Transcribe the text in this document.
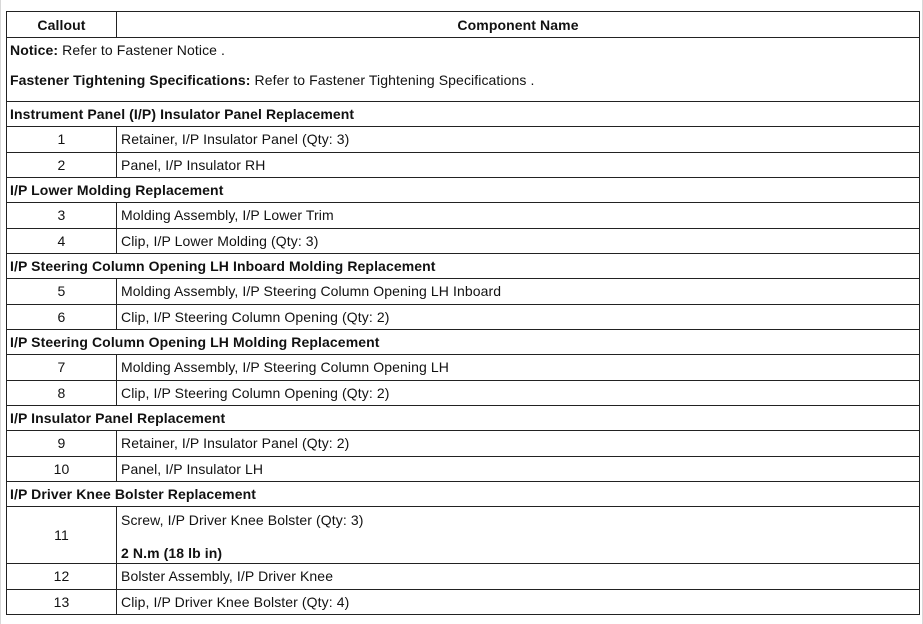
Callout	Component Name
Notice: Refer to Fastener Notice .	
Fastener Tightening Specifications: Refer to Fastener Tightening Specifications .	
Instrument Panel (I/P) Insulator Panel Replacement	
1	Retainer, I/P Insulator Panel (Qty: 3)
2	Panel, I/P Insulator RH
I/P Lower Molding Replacement	
3	Molding Assembly, I/P Lower Trim
4	Clip, I/P Lower Molding (Qty: 3)
I/P Steering Column Opening LH Inboard Molding Replacement	
5	Molding Assembly, I/P Steering Column Opening LH Inboard
6	Clip, I/P Steering Column Opening (Qty: 2)
I/P Steering Column Opening LH Molding Replacement	
7	Molding Assembly, I/P Steering Column Opening LH
8	Clip, I/P Steering Column Opening (Qty: 2)
I/P Insulator Panel Replacement	
9	Retainer, I/P Insulator Panel (Qty: 2)
10	Panel, I/P Insulator LH
I/P Driver Knee Bolster Replacement	
11	Screw, I/P Driver Knee Bolster (Qty: 3)
2 N.m (18 lb in)

12	Bolster Assembly, I/P Driver Knee
13	Clip, I/P Driver Knee Bolster (Qty: 4)
